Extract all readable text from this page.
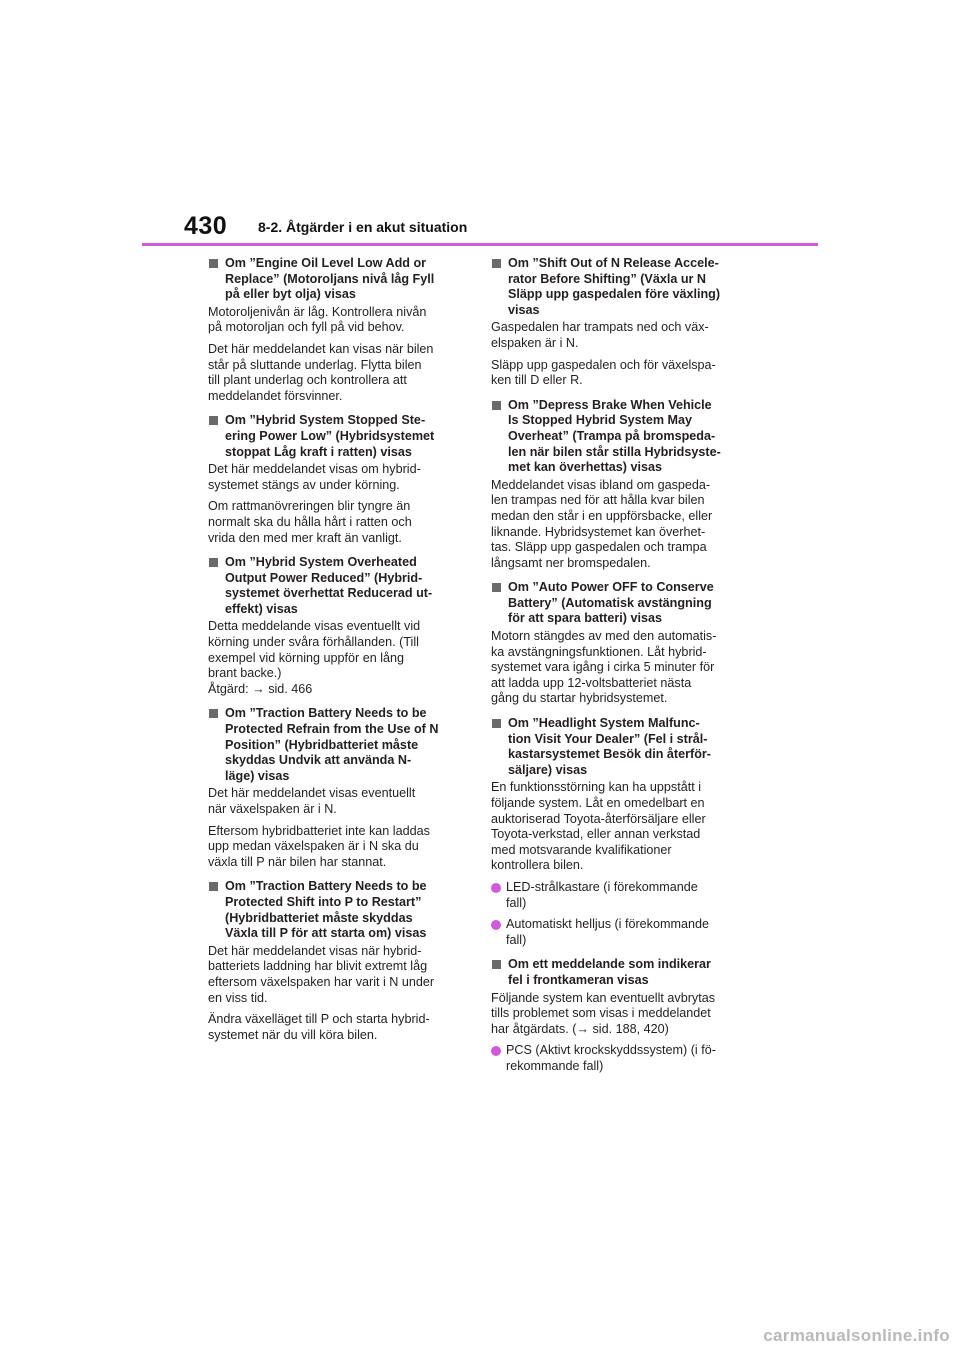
430 8-2. Åtgärder i en akut situation
Om ”Engine Oil Level Low Add or
Replace” (Motoroljans nivå låg Fyll
på eller byt olja) visas

Motoroljenivån är låg. Kontrollera nivån
på motoroljan och fyll på vid behov.

Det här meddelandet kan visas när bilen
står på sluttande underlag. Flytta bilen
till plant underlag och kontrollera att
meddelandet försvinner.

Om ”Hybrid System Stopped Ste-
ering Power Low” (Hybridsystemet
stoppat Låg kraft i ratten) visas

Det här meddelandet visas om hybrid-
systemet stängs av under körning.

Om rattmanövreringen blir tyngre än
normalt ska du hålla hårt i ratten och
vrida den med mer kraft än vanligt.

Om ”Hybrid System Overheated
Output Power Reduced” (Hybrid-
systemet överhettat Reducerad ut-
effekt) visas

Detta meddelande visas eventuellt vid
körning under svåra förhållanden. (Till
exempel vid körning uppför en lång
brant backe.)
Åtgärd: → sid. 466

Om ”Traction Battery Needs to be
Protected Refrain from the Use of N
Position” (Hybridbatteriet måste
skyddas Undvik att använda N-
läge) visas

Det här meddelandet visas eventuellt
när växelspaken är i N.

Eftersom hybridbatteriet inte kan laddas
upp medan växelspaken är i N ska du
växla till P när bilen har stannat.

Om ”Traction Battery Needs to be
Protected Shift into P to Restart”
(Hybridbatteriet måste skyddas
Växla till P för att starta om) visas

Det här meddelandet visas när hybrid-
batteriets laddning har blivit extremt låg
eftersom växelspaken har varit i N under
en viss tid.

Ändra växelläget till P och starta hybrid-
systemet när du vill köra bilen.

Om ”Shift Out of N Release Accele-
rator Before Shifting” (Växla ur N
Släpp upp gaspedalen före växling)
visas

Gaspedalen har trampats ned och väx-
elspaken är i N.

Släpp upp gaspedalen och för växelspa-
ken till D eller R.

Om ”Depress Brake When Vehicle
Is Stopped Hybrid System May
Overheat” (Trampa på bromspeda-
len när bilen står stilla Hybridsyste-
met kan överhettas) visas

Meddelandet visas ibland om gaspeda-
len trampas ned för att hålla kvar bilen
medan den står i en uppförsbacke, eller
liknande. Hybridsystemet kan överhet-
tas. Släpp upp gaspedalen och trampa
långsamt ner bromspedalen.

Om ”Auto Power OFF to Conserve
Battery” (Automatisk avstängning
för att spara batteri) visas

Motorn stängdes av med den automatis-
ka avstängningsfunktionen. Låt hybrid-
systemet vara igång i cirka 5 minuter för
att ladda upp 12-voltsbatteriet nästa
gång du startar hybridsystemet.

Om ”Headlight System Malfunc-
tion Visit Your Dealer” (Fel i strål-
kastarsystemet Besök din återför-
säljare) visas

En funktionsstörning kan ha uppstått i
följande system. Låt en omedelbart en
auktoriserad Toyota-återförsäljare eller
Toyota-verkstad, eller annan verkstad
med motsvarande kvalifikationer
kontrollera bilen.

LED-strålkastare (i förekommande
fall)
Automatiskt helljus (i förekommande
fall)
Om ett meddelande som indikerar
fel i frontkameran visas

Följande system kan eventuellt avbrytas
tills problemet som visas i meddelandet
har åtgärdats. (→ sid. 188, 420)

PCS (Aktivt krockskyddssystem) (i fö-
rekommande fall)
carmanualsonline.info
